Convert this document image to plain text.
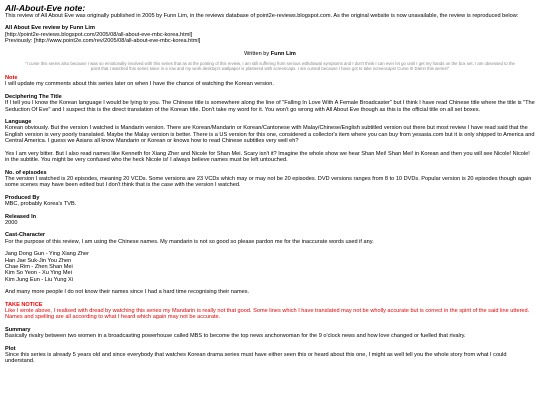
All-About-Eve note:

This review of All About Eve was originally published in 2005 by Funn Lim, in the reviews database of point2e-reviews.blogspot.com. As the original website is now unavailable, the review is reproduced below:

All About Eve review by Funn Lim

[http://point2e-reviews.blogspot.com/2005/08/all-about-eve-mbc-korea.html]

Previously: [http://www.point2e.com/rev/2005/08/all-about-eve-mbc-korea.html]

Written by Funn Lim

"I curse this series also because I was so emotionally involved with this series that as at the posting of this review, I am still suffering from serious withdrawal symptoms and I don't think I can ever let go until I get my hands on the box set. I am obsessed to the point that I watched this series twice in a row and my work desktop's wallpaper is plastered with screencaps. I am cursed because I have got to take screencaps! Curse it! Damn this series!"

Note

I will update my comments about this series later on when I have the chance of watching the Korean version.

Deciphering The Title

If I tell you I know the Korean language I would be lying to you. The Chinese title is somewhere along the line of "Falling In Love With A Female Broadcaster" but I think I have read Chinese title where the title is "The Seduction Of Eve" and I suspect this is the direct translation of the Korean title. Don't take my word for it. You won't go wrong with All About Eve though as this is the official title on all set boxes.

Language

Korean obviously. But the version I watched is Mandarin version. There are Korean/Mandarin or Korean/Cantonese with Malay/Chinese/English subtitled version out there but most review I have read said that the English version is very poorly translated. Maybe the Malay version is better. There is a US version for this one, considered a collector's item where you can buy from yesasia.com but it is only shipped to America and Central America. I guess we Asians all know Mandarin or Korean or knows how to read Chinese subtitles very well eh?

Yes I am very bitter. But I also read names like Kenneth for Xiang Zher and Nicole for Shan Mei. Scary isn't it? Imagine the whole show we hear Shan Mei! Shan Mei! in Korean and then you will see Nicole! Nicole! in the subtitle. You might be very confused who the heck Nicole is! I always believe names must be left untouched.

No. of episodes

The version I watched is 20 episodes, meaning 20 VCDs. Some versions are 23 VCDs which may or may not be 20 episodes. DVD versions ranges from 8 to 10 DVDs. Popular version is 20 episodes though again some scenes may have been edited but I don't think that is the case with the version I watched.

Produced By

MBC, probably Korea's TVB.

Released In

2000

Cast-Character

For the purpose of this review, I am using the Chinese names. My mandarin is not so good so please pardon me for the inaccurate words used if any.

Jang Dong Gun - Ying Xiang Zher

Han Jae Suk-Jin You Zhen

Chae Rim - Zhen Shan Mei

Kim So Yeon - Xu Ying Mei

Kim Jung Eun - Liu Yung Xi

And many more people I do not know their names since I had a hard time recognising their names.

TAKE NOTICE

Like I wrote above, I realised with dread by watching this series my Mandarin is really not that good. Some lines which I have translated may not be wholly accurate but is correct in the spirit of the said line uttered. Names and spelling are all according to what I heard which again may not be accurate.

Summary

Basically rivalry between two women in a broadcasting powerhouse called MBS to become the top news anchorwoman for the 9 o'clock news and how love changed or fuelled that rivalry.

Plot

Since this series is already 5 years old and since everybody that watches Korean drama series must have either seen this or heard about this one, I might as well tell you the whole story from what I could understand.
